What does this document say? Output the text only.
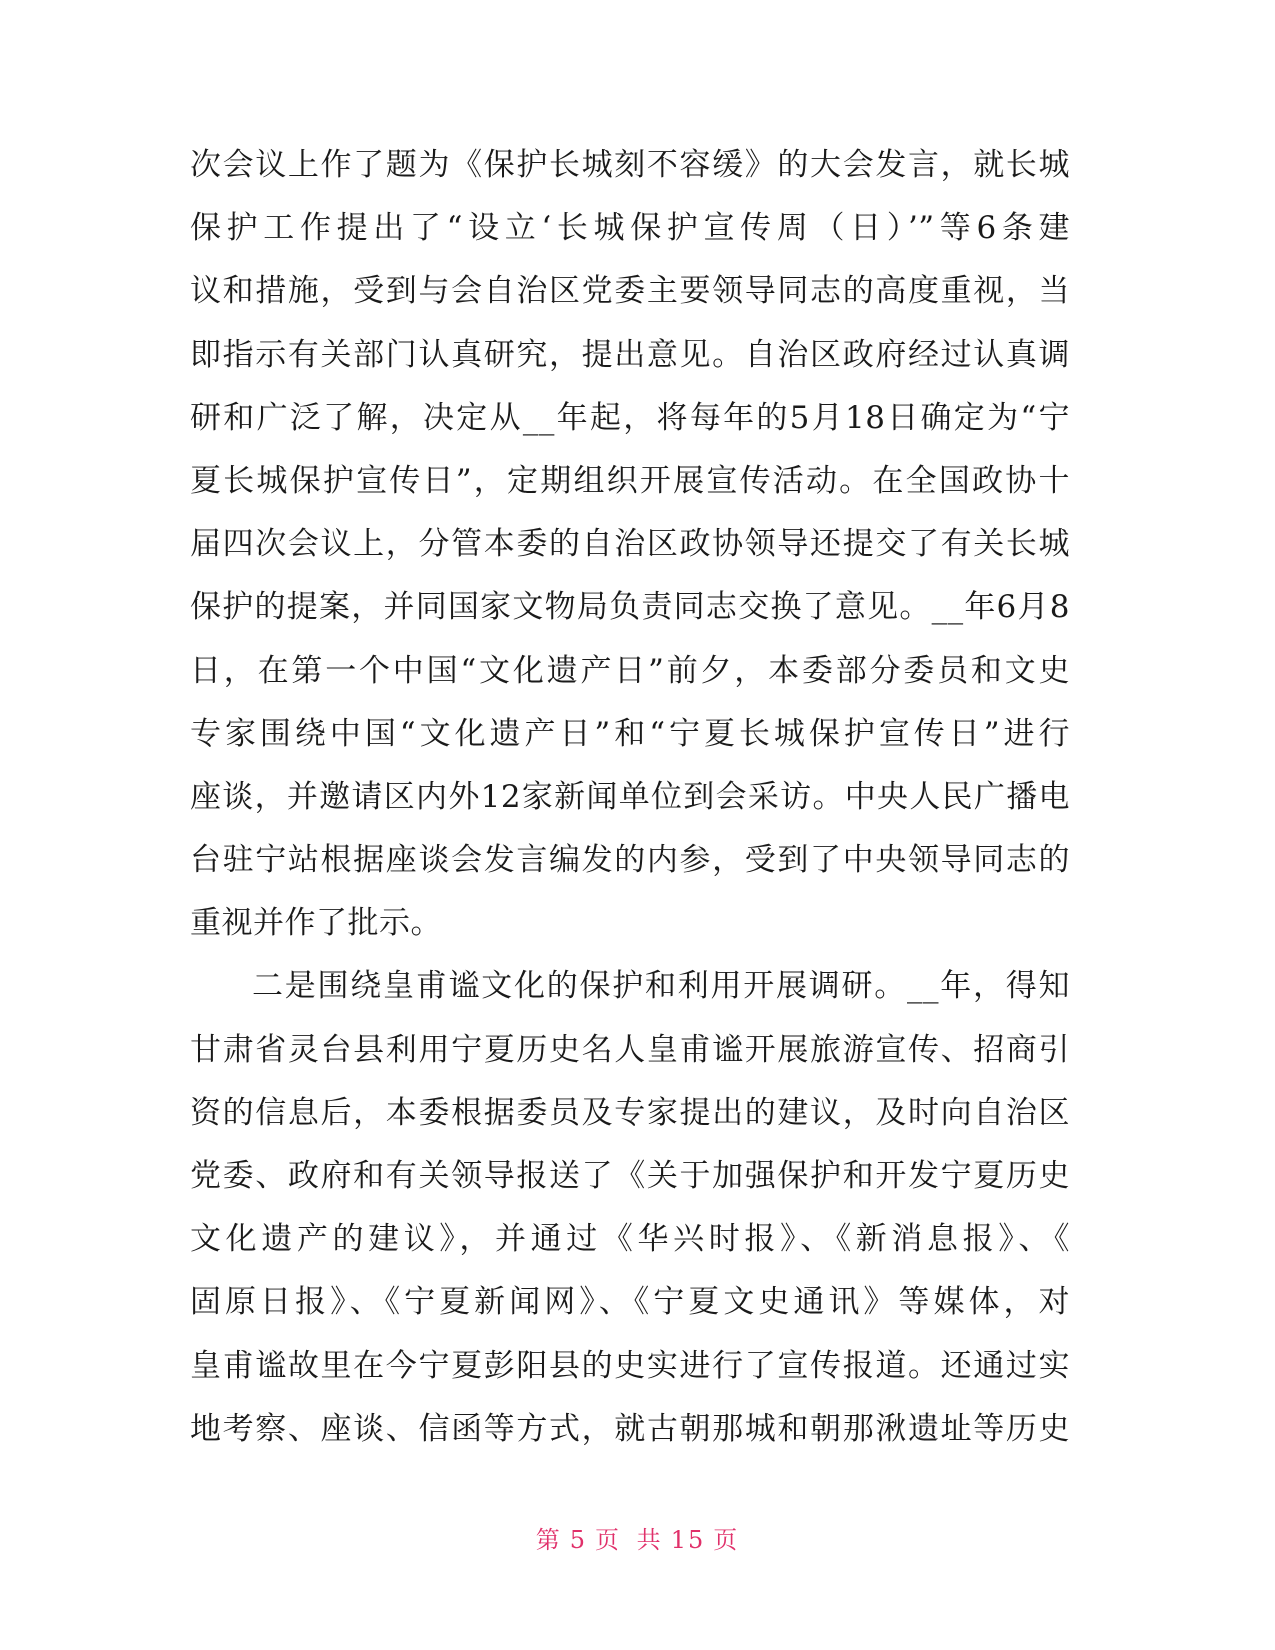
次会议上作了题为《保护长城刻不容缓》的大会发言，就长城
保护工作提出了“设立‘长城保护宣传周（日）’”等6条建
议和措施，受到与会自治区党委主要领导同志的高度重视，当
即指示有关部门认真研究，提出意见。自治区政府经过认真调
研和广泛了解，决定从__年起，将每年的5月18日确定为“宁
夏长城保护宣传日”，定期组织开展宣传活动。在全国政协十
届四次会议上，分管本委的自治区政协领导还提交了有关长城
保护的提案，并同国家文物局负责同志交换了意见。__年6月8
日，在第一个中国“文化遗产日”前夕，本委部分委员和文史
专家围绕中国“文化遗产日”和“宁夏长城保护宣传日”进行
座谈，并邀请区内外12家新闻单位到会采访。中央人民广播电
台驻宁站根据座谈会发言编发的内参，受到了中央领导同志的
重视并作了批示。
二是围绕皇甫谧文化的保护和利用开展调研。__年，得知
甘肃省灵台县利用宁夏历史名人皇甫谧开展旅游宣传、招商引
资的信息后，本委根据委员及专家提出的建议，及时向自治区
党委、政府和有关领导报送了《关于加强保护和开发宁夏历史
文化遗产的建议》，并通过《华兴时报》、《新消息报》、《
固原日报》、《宁夏新闻网》、《宁夏文史通讯》等媒体，对
皇甫谧故里在今宁夏彭阳县的史实进行了宣传报道。还通过实
地考察、座谈、信函等方式，就古朝那城和朝那湫遗址等历史
第 5 页 共 15 页
